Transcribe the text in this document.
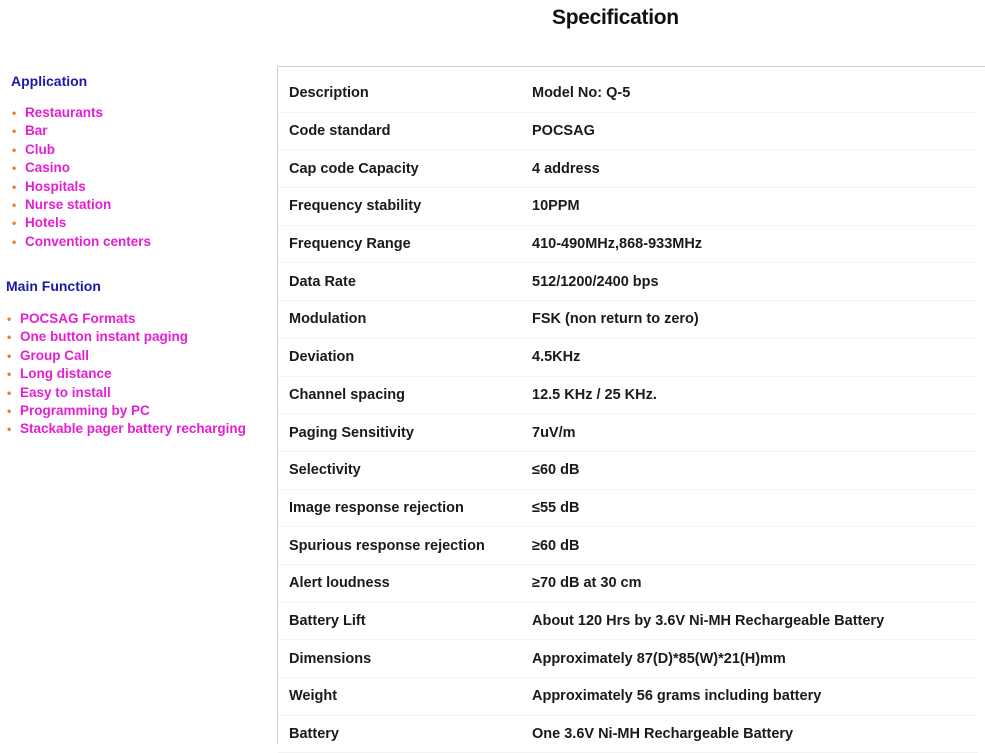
Specification
Application
• Restaurants
• Bar
• Club
• Casino
• Hospitals
• Nurse station
• Hotels
• Convention centers
Main Function
• POCSAG Formats
• One button instant paging
• Group Call
• Long distance
• Easy to install
• Programming by PC
• Stackable pager battery recharging
Description	Model No: Q-5
Code standard	POCSAG
Cap code Capacity	4 address
Frequency stability	10PPM
Frequency Range	410-490MHz,868-933MHz
Data Rate	512/1200/2400 bps
Modulation	FSK (non return to zero)
Deviation	4.5KHz
Channel spacing	12.5 KHz / 25 KHz.
Paging Sensitivity	7uV/m
Selectivity	≤60 dB
Image response rejection	≤55 dB
Spurious response rejection	≥60 dB
Alert loudness	≥70 dB at 30 cm
Battery Lift	About 120 Hrs by 3.6V Ni-MH Rechargeable Battery
Dimensions	Approximately 87(D)*85(W)*21(H)mm
Weight	Approximately 56 grams including battery
Battery	One 3.6V Ni-MH Rechargeable Battery
